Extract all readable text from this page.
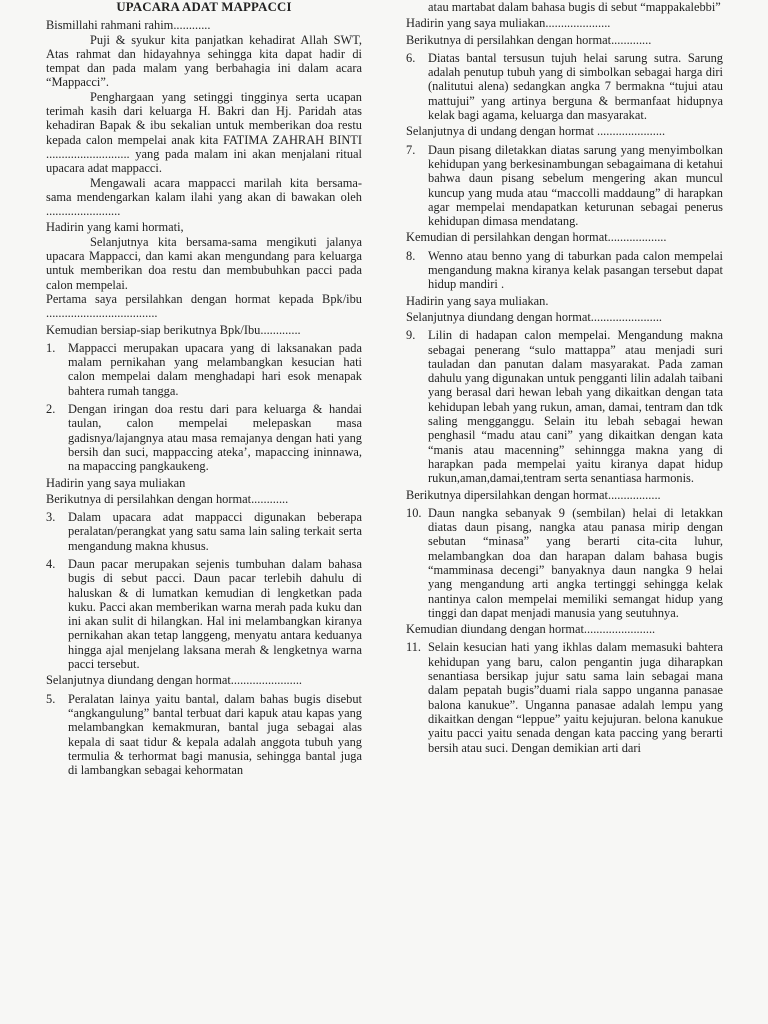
UPACARA ADAT MAPPACCI

Bismillahi rahmani rahim............

Puji & syukur kita panjatkan kehadirat Allah SWT, Atas rahmat dan hidayahnya sehingga kita dapat hadir di tempat dan pada malam yang berbahagia ini dalam acara “Mappacci”.

Penghargaan yang setinggi tingginya serta ucapan terimah kasih dari keluarga H. Bakri dan Hj. Paridah atas kehadiran Bapak & ibu sekalian untuk memberikan doa restu kepada calon mempelai anak kita FATIMA ZAHRAH BINTI ........................... yang pada malam ini akan menjalani ritual upacara adat mappacci.

Mengawali acara mappacci marilah kita bersama-sama mendengarkan kalam ilahi yang akan di bawakan oleh ........................

Hadirin yang kami hormati,

Selanjutnya kita bersama-sama mengikuti jalanya upacara Mappacci, dan kami akan mengundang para keluarga untuk memberikan doa restu dan membubuhkan pacci pada calon mempelai.

Pertama saya persilahkan dengan hormat kepada Bpk/ibu ....................................

Kemudian bersiap-siap berikutnya Bpk/Ibu.............

1.	Mappacci merupakan upacara yang di laksanakan pada malam pernikahan yang melambangkan kesucian hati calon mempelai dalam menghadapi hari esok menapak bahtera rumah tangga.

2.	Dengan iringan doa restu dari para keluarga & handai taulan, calon mempelai melepaskan masa gadisnya/lajangnya atau masa remajanya dengan hati yang bersih dan suci, mappaccing ateka’, mapaccing ininnawa, na mapaccing pangkaukeng.

Hadirin yang saya muliakan

Berikutnya di persilahkan dengan hormat............

3.	Dalam upacara adat mappacci digunakan beberapa peralatan/perangkat yang satu sama lain saling terkait serta mengandung makna khusus.

4.	Daun pacar merupakan sejenis tumbuhan dalam bahasa bugis di sebut pacci. Daun pacar terlebih dahulu di haluskan & di lumatkan kemudian di lengketkan pada kuku. Pacci akan memberikan warna merah pada kuku dan ini akan sulit di hilangkan. Hal ini melambangkan kiranya pernikahan akan tetap langgeng, menyatu antara keduanya hingga ajal menjelang laksana merah & lengketnya warna pacci tersebut.

Selanjutnya diundang dengan hormat.......................

5.	Peralatan lainya yaitu bantal, dalam bahas bugis disebut “angkangulung” bantal terbuat dari kapuk atau kapas yang melambangkan kemakmuran, bantal juga sebagai alas kepala di saat tidur & kepala adalah anggota tubuh yang termulia & terhormat bagi manusia, sehingga bantal juga di lambangkan sebagai kehormatan

atau martabat dalam bahasa bugis di sebut “mappakalebbi”

Hadirin yang saya muliakan.....................

Berikutnya di persilahkan dengan hormat.............

6.	Diatas bantal tersusun tujuh helai sarung sutra. Sarung adalah penutup tubuh yang di simbolkan sebagai harga diri (nalitutui alena) sedangkan angka 7 bermakna “tujui atau mattujui” yang artinya berguna & bermanfaat hidupnya kelak bagi agama, keluarga dan masyarakat.

Selanjutnya di undang dengan hormat ......................

7.	Daun pisang diletakkan diatas sarung yang menyimbolkan kehidupan yang berkesinambungan sebagaimana di ketahui bahwa daun pisang sebelum mengering akan muncul kuncup yang muda atau “maccolli maddaung” di harapkan agar mempelai mendapatkan keturunan sebagai penerus kehidupan dimasa mendatang.

Kemudian di persilahkan dengan hormat...................

8.	Wenno atau benno yang di taburkan pada calon mempelai mengandung makna kiranya kelak pasangan tersebut dapat hidup mandiri .

Hadirin yang saya muliakan.

Selanjutnya diundang dengan hormat.......................

9.	Lilin di hadapan calon mempelai. Mengandung makna sebagai penerang “sulo mattappa” atau menjadi suri tauladan dan panutan dalam masyarakat. Pada zaman dahulu yang digunakan untuk pengganti lilin adalah taibani yang berasal dari hewan lebah yang dikaitkan dengan tata kehidupan lebah yang rukun, aman, damai, tentram dan tdk saling mengganggu. Selain itu lebah sebagai hewan penghasil “madu atau cani” yang dikaitkan dengan kata “manis atau macenning” sehinngga makna yang di harapkan pada mempelai yaitu kiranya dapat hidup rukun,aman,damai,tentram serta senantiasa harmonis.

Berikutnya dipersilahkan dengan hormat.................

10. Daun nangka sebanyak 9 (sembilan) helai di letakkan diatas daun pisang, nangka atau panasa mirip dengan sebutan “minasa” yang berarti cita-cita luhur, melambangkan doa dan harapan dalam bahasa bugis “mamminasa decengi” banyaknya daun nangka 9 helai yang mengandung arti angka tertinggi sehingga kelak nantinya calon mempelai memiliki semangat hidup yang tinggi dan dapat menjadi manusia yang seutuhnya.

Kemudian diundang dengan hormat.......................

11. Selain kesucian hati yang ikhlas dalam memasuki bahtera kehidupan yang baru, calon pengantin juga diharapkan senantiasa bersikap jujur satu sama lain sebagai mana dalam pepatah bugis”duami riala sappo unganna panasae balona kanukue”. Unganna panasae adalah lempu yang dikaitkan dengan “leppue” yaitu kejujuran. belona kanukue yaitu pacci yaitu senada dengan kata paccing yang berarti bersih atau suci. Dengan demikian arti dari
